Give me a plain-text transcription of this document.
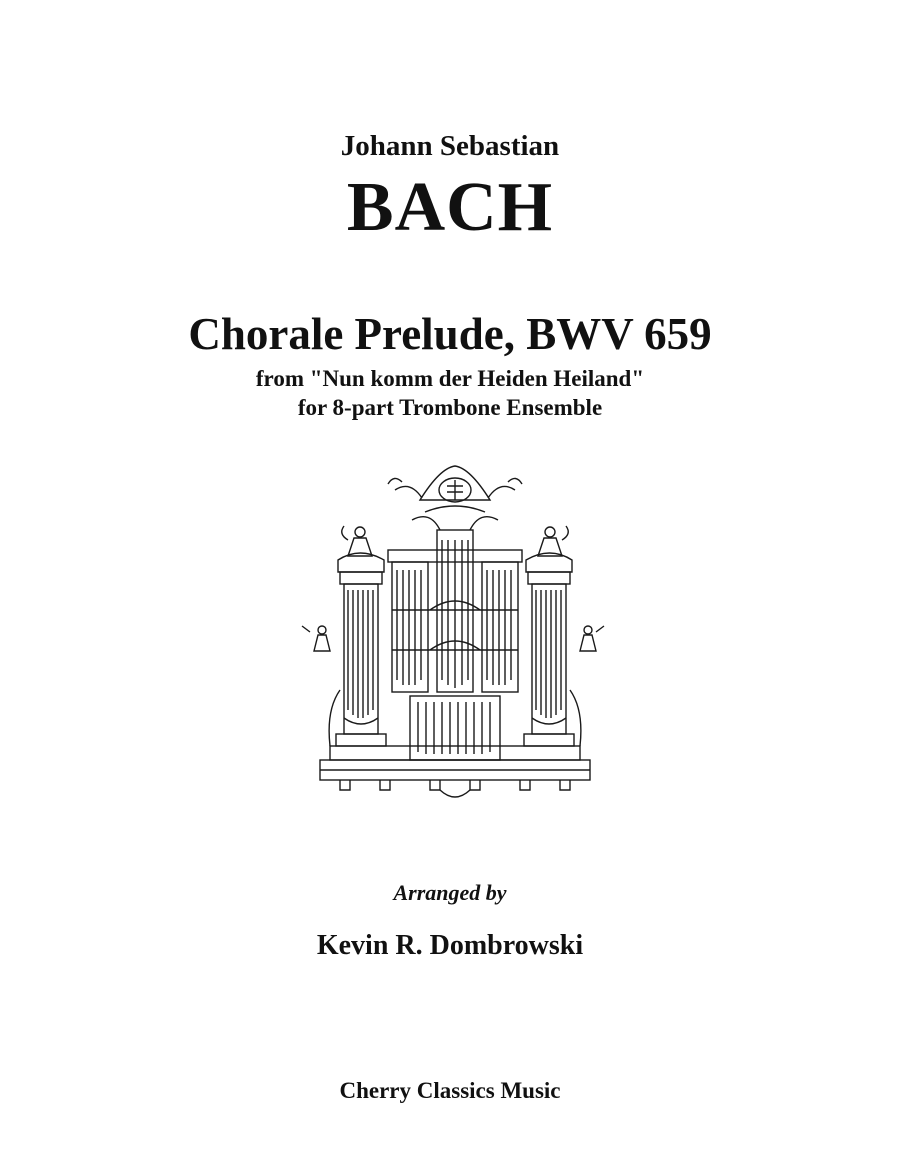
Johann Sebastian
BACH
Chorale Prelude, BWV 659
from "Nun komm der Heiden Heiland"
for 8-part Trombone Ensemble
Arranged by
Kevin R. Dombrowski
Cherry Classics Music
